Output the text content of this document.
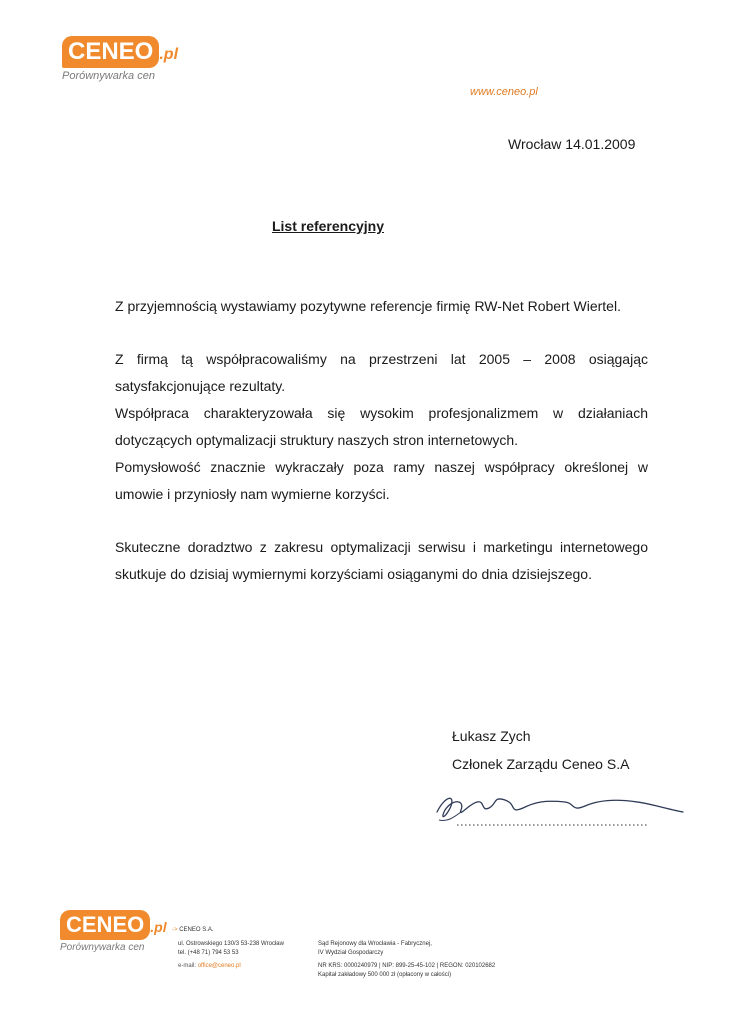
CENEO .pl
Porównywarka cen
www.ceneo.pl
Wrocław 14.01.2009
List referencyjny

Z przyjemnością wystawiamy pozytywne referencje firmię RW-Net Robert Wiertel.

Z firmą tą współpracowaliśmy na przestrzeni lat 2005 – 2008 osiągając satysfakcjonujące rezultaty.

Współpraca charakteryzowała się wysokim profesjonalizmem w działaniach dotyczących optymalizacji struktury naszych stron internetowych.

Pomysłowość znacznie wykraczały poza ramy naszej współpracy określonej w umowie i przyniosły nam wymierne korzyści.

Skuteczne doradztwo z zakresu optymalizacji serwisu i marketingu internetowego skutkuje do dzisiaj wymiernymi korzyściami osiąganymi do dnia dzisiejszego.

Łukasz Zych
Członek Zarządu Ceneo S.A
CENEO .pl
Porównywarka cen
-> CENEO S.A.
ul. Ostrowskiego 130/3 53-238 Wrocław
tel. (+48 71) 794 53 53
e-mail: office@ceneo.pl
Sąd Rejonowy dla Wrocławia - Fabrycznej,
IV Wydział Gospodarczy
NR KRS: 0000240979 | NIP: 899-25-45-102 | REGON: 020102682
Kapitał zakładowy 500 000 zł (opłacony w całości)
